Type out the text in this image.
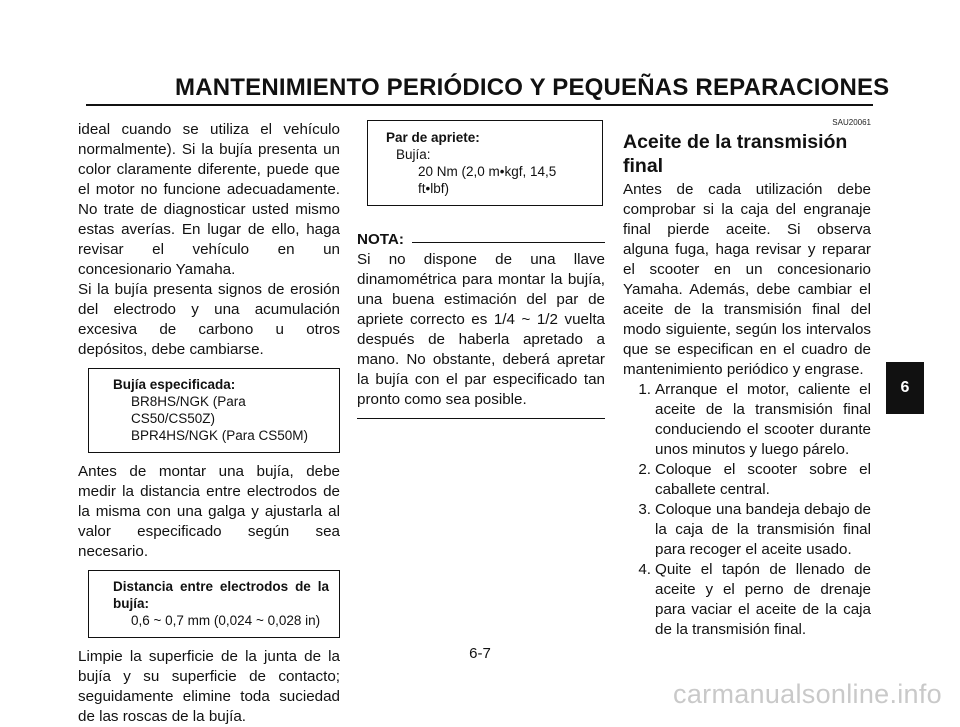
MANTENIMIENTO PERIÓDICO Y PEQUEÑAS REPARACIONES

ideal cuando se utiliza el vehículo normalmente). Si la bujía presenta un color claramente diferente, puede que el motor no funcione adecuadamente. No trate de diagnosticar usted mismo estas averías. En lugar de ello, haga revisar el vehículo en un concesionario Yamaha.

Si la bujía presenta signos de erosión del electrodo y una acumulación excesiva de carbono u otros depósitos, debe cambiarse.

Bujía especificada:
BR8HS/NGK (Para CS50/CS50Z)
BPR4HS/NGK (Para CS50M)

Antes de montar una bujía, debe medir la distancia entre electrodos de la misma con una galga y ajustarla al valor especificado según sea necesario.

Distancia entre electrodos de la bujía:
0,6 ~ 0,7 mm (0,024 ~ 0,028 in)

Limpie la superficie de la junta de la bujía y su superficie de contacto; seguidamente elimine toda suciedad de las roscas de la bujía.

Par de apriete:
Bujía:
20 Nm (2,0 m•kgf, 14,5 ft•lbf)
NOTA:

Si no dispone de una llave dinamométrica para montar la bujía, una buena estimación del par de apriete correcto es 1/4 ~ 1/2 vuelta después de haberla apretado a mano. No obstante, deberá apretar la bujía con el par especificado tan pronto como sea posible.

SAU20061
Aceite de la transmisión final

Antes de cada utilización debe comprobar si la caja del engranaje final pierde aceite. Si observa alguna fuga, haga revisar y reparar el scooter en un concesionario Yamaha. Además, debe cambiar el aceite de la transmisión final del modo siguiente, según los intervalos que se especifican en el cuadro de mantenimiento periódico y engrase.

1. Arranque el motor, caliente el aceite de la transmisión final conduciendo el scooter durante unos minutos y luego párelo.
2. Coloque el scooter sobre el caballete central.
3. Coloque una bandeja debajo de la caja de la transmisión final para recoger el aceite usado.
4. Quite el tapón de llenado de aceite y el perno de drenaje para vaciar el aceite de la caja de la transmisión final.
6
6-7
carmanualsonline.info
